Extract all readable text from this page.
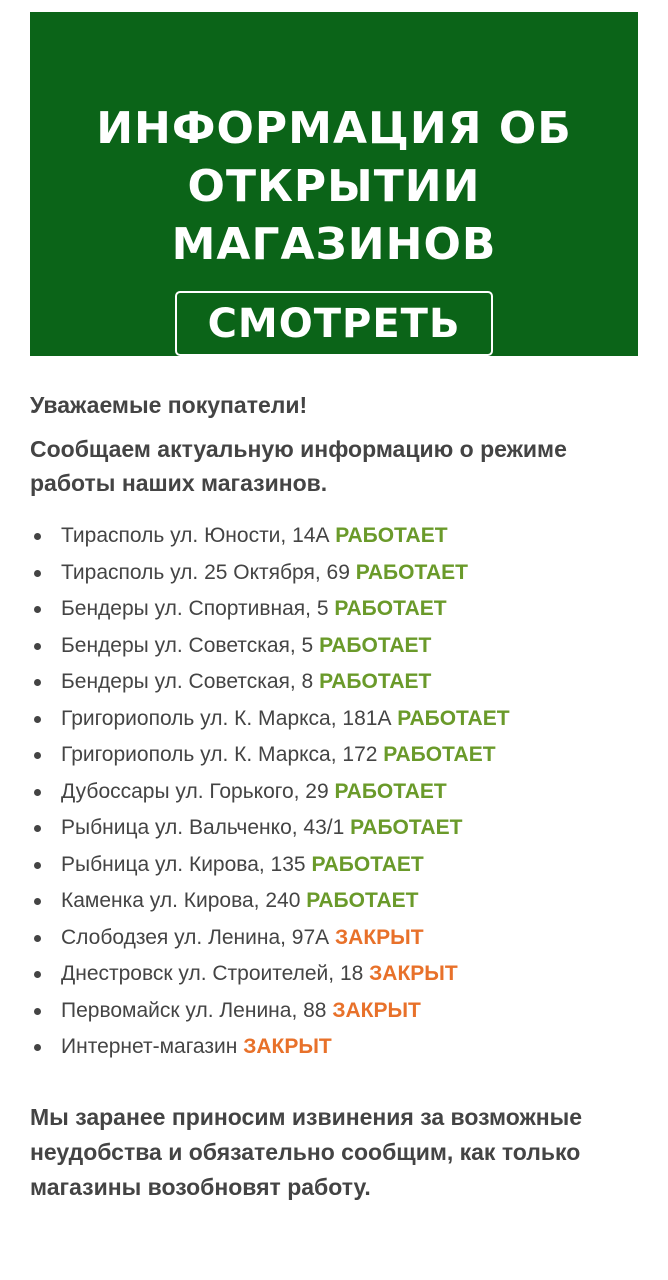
ИНФОРМАЦИЯ ОБ
ОТКРЫТИИ МАГАЗИНОВ

СМОТРЕТЬ

Уважаемые покупатели!

Сообщаем актуальную информацию о режиме работы наших магазинов.

Тирасполь ул. Юности, 14А РАБОТАЕТ
Тирасполь ул. 25 Октября, 69 РАБОТАЕТ
Бендеры ул. Спортивная, 5 РАБОТАЕТ
Бендеры ул. Советская, 5 РАБОТАЕТ
Бендеры ул. Советская, 8 РАБОТАЕТ
Григориополь ул. К. Маркса, 181А РАБОТАЕТ
Григориополь ул. К. Маркса, 172 РАБОТАЕТ
Дубоссары ул. Горького, 29 РАБОТАЕТ
Рыбница ул. Вальченко, 43/1 РАБОТАЕТ
Рыбница ул. Кирова, 135 РАБОТАЕТ
Каменка ул. Кирова, 240 РАБОТАЕТ
Слободзея ул. Ленина, 97А ЗАКРЫТ
Днестровск ул. Строителей, 18 ЗАКРЫТ
Первомайск ул. Ленина, 88 ЗАКРЫТ
Интернет-магазин ЗАКРЫТ

Мы заранее приносим извинения за возможные неудобства и обязательно сообщим, как только магазины возобновят работу.
